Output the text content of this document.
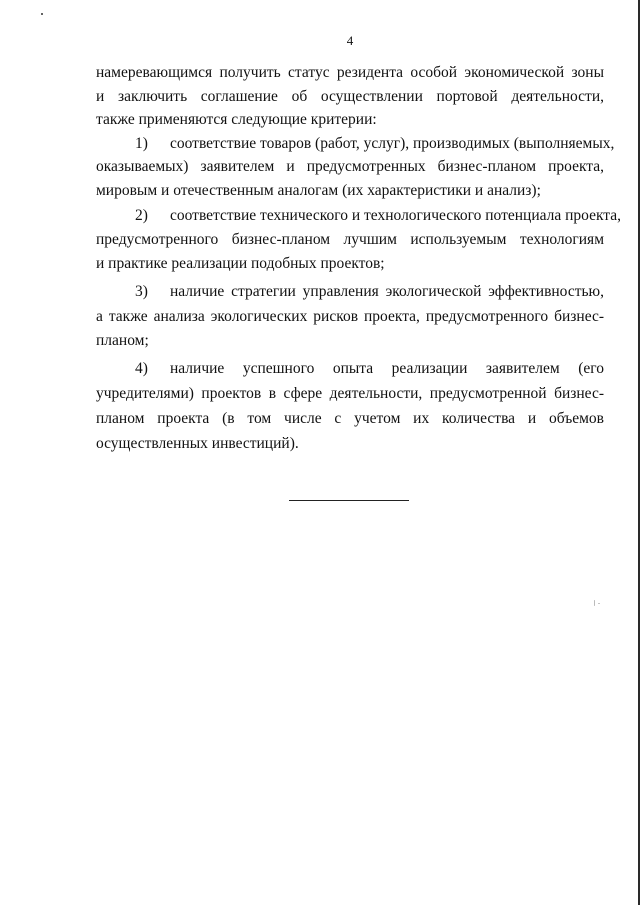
4
намеревающимся получить статус резидента особой экономической зоны
и заключить соглашение об осуществлении портовой деятельности,
также применяются следующие критерии:
1) соответствие товаров (работ, услуг), производимых (выполняемых,
оказываемых) заявителем и предусмотренных бизнес-планом проекта,
мировым и отечественным аналогам (их характеристики и анализ);
2) соответствие технического и технологического потенциала проекта,
предусмотренного бизнес-планом лучшим используемым технологиям
и практике реализации подобных проектов;
3) наличие стратегии управления экологической эффективностью,
а также анализа экологических рисков проекта, предусмотренного бизнес-
планом;
4) наличие успешного опыта реализации заявителем (его
учредителями) проектов в сфере деятельности, предусмотренной бизнес-
планом проекта (в том числе с учетом их количества и объемов
осуществленных инвестиций).
